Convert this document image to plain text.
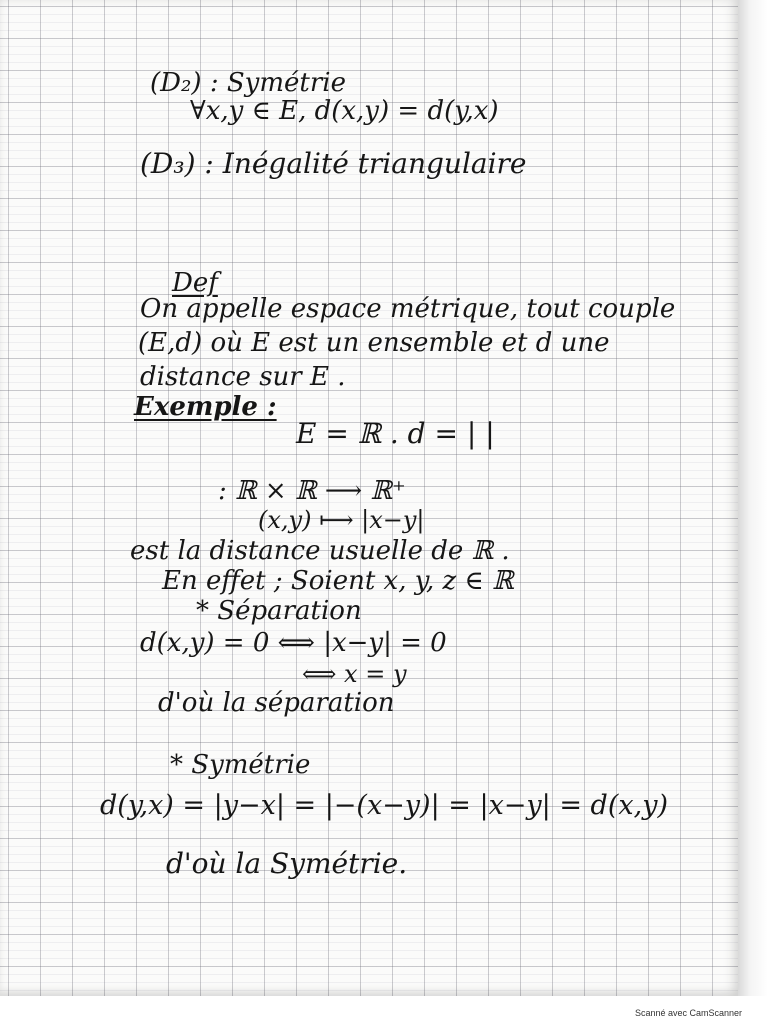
(D₂) : Symétrie
∀x,y ∈ E, d(x,y) = d(y,x)
(D₃) : Inégalité triangulaire
Def
On appelle espace métrique, tout couple
(E,d) où E est un ensemble et d une
distance sur E .
Exemple :
E = ℝ . d = | |
: ℝ × ℝ ⟶ ℝ⁺
(x,y) ⟼ |x−y|
est la distance usuelle de ℝ .
En effet ; Soient x, y, z ∈ ℝ
* Séparation
d(x,y) = 0 ⟺ |x−y| = 0
⟺ x = y
d'où la séparation
* Symétrie
d(y,x) = |y−x| = |−(x−y)| = |x−y| = d(x,y)
d'où la Symétrie.
Scanné avec CamScanner
